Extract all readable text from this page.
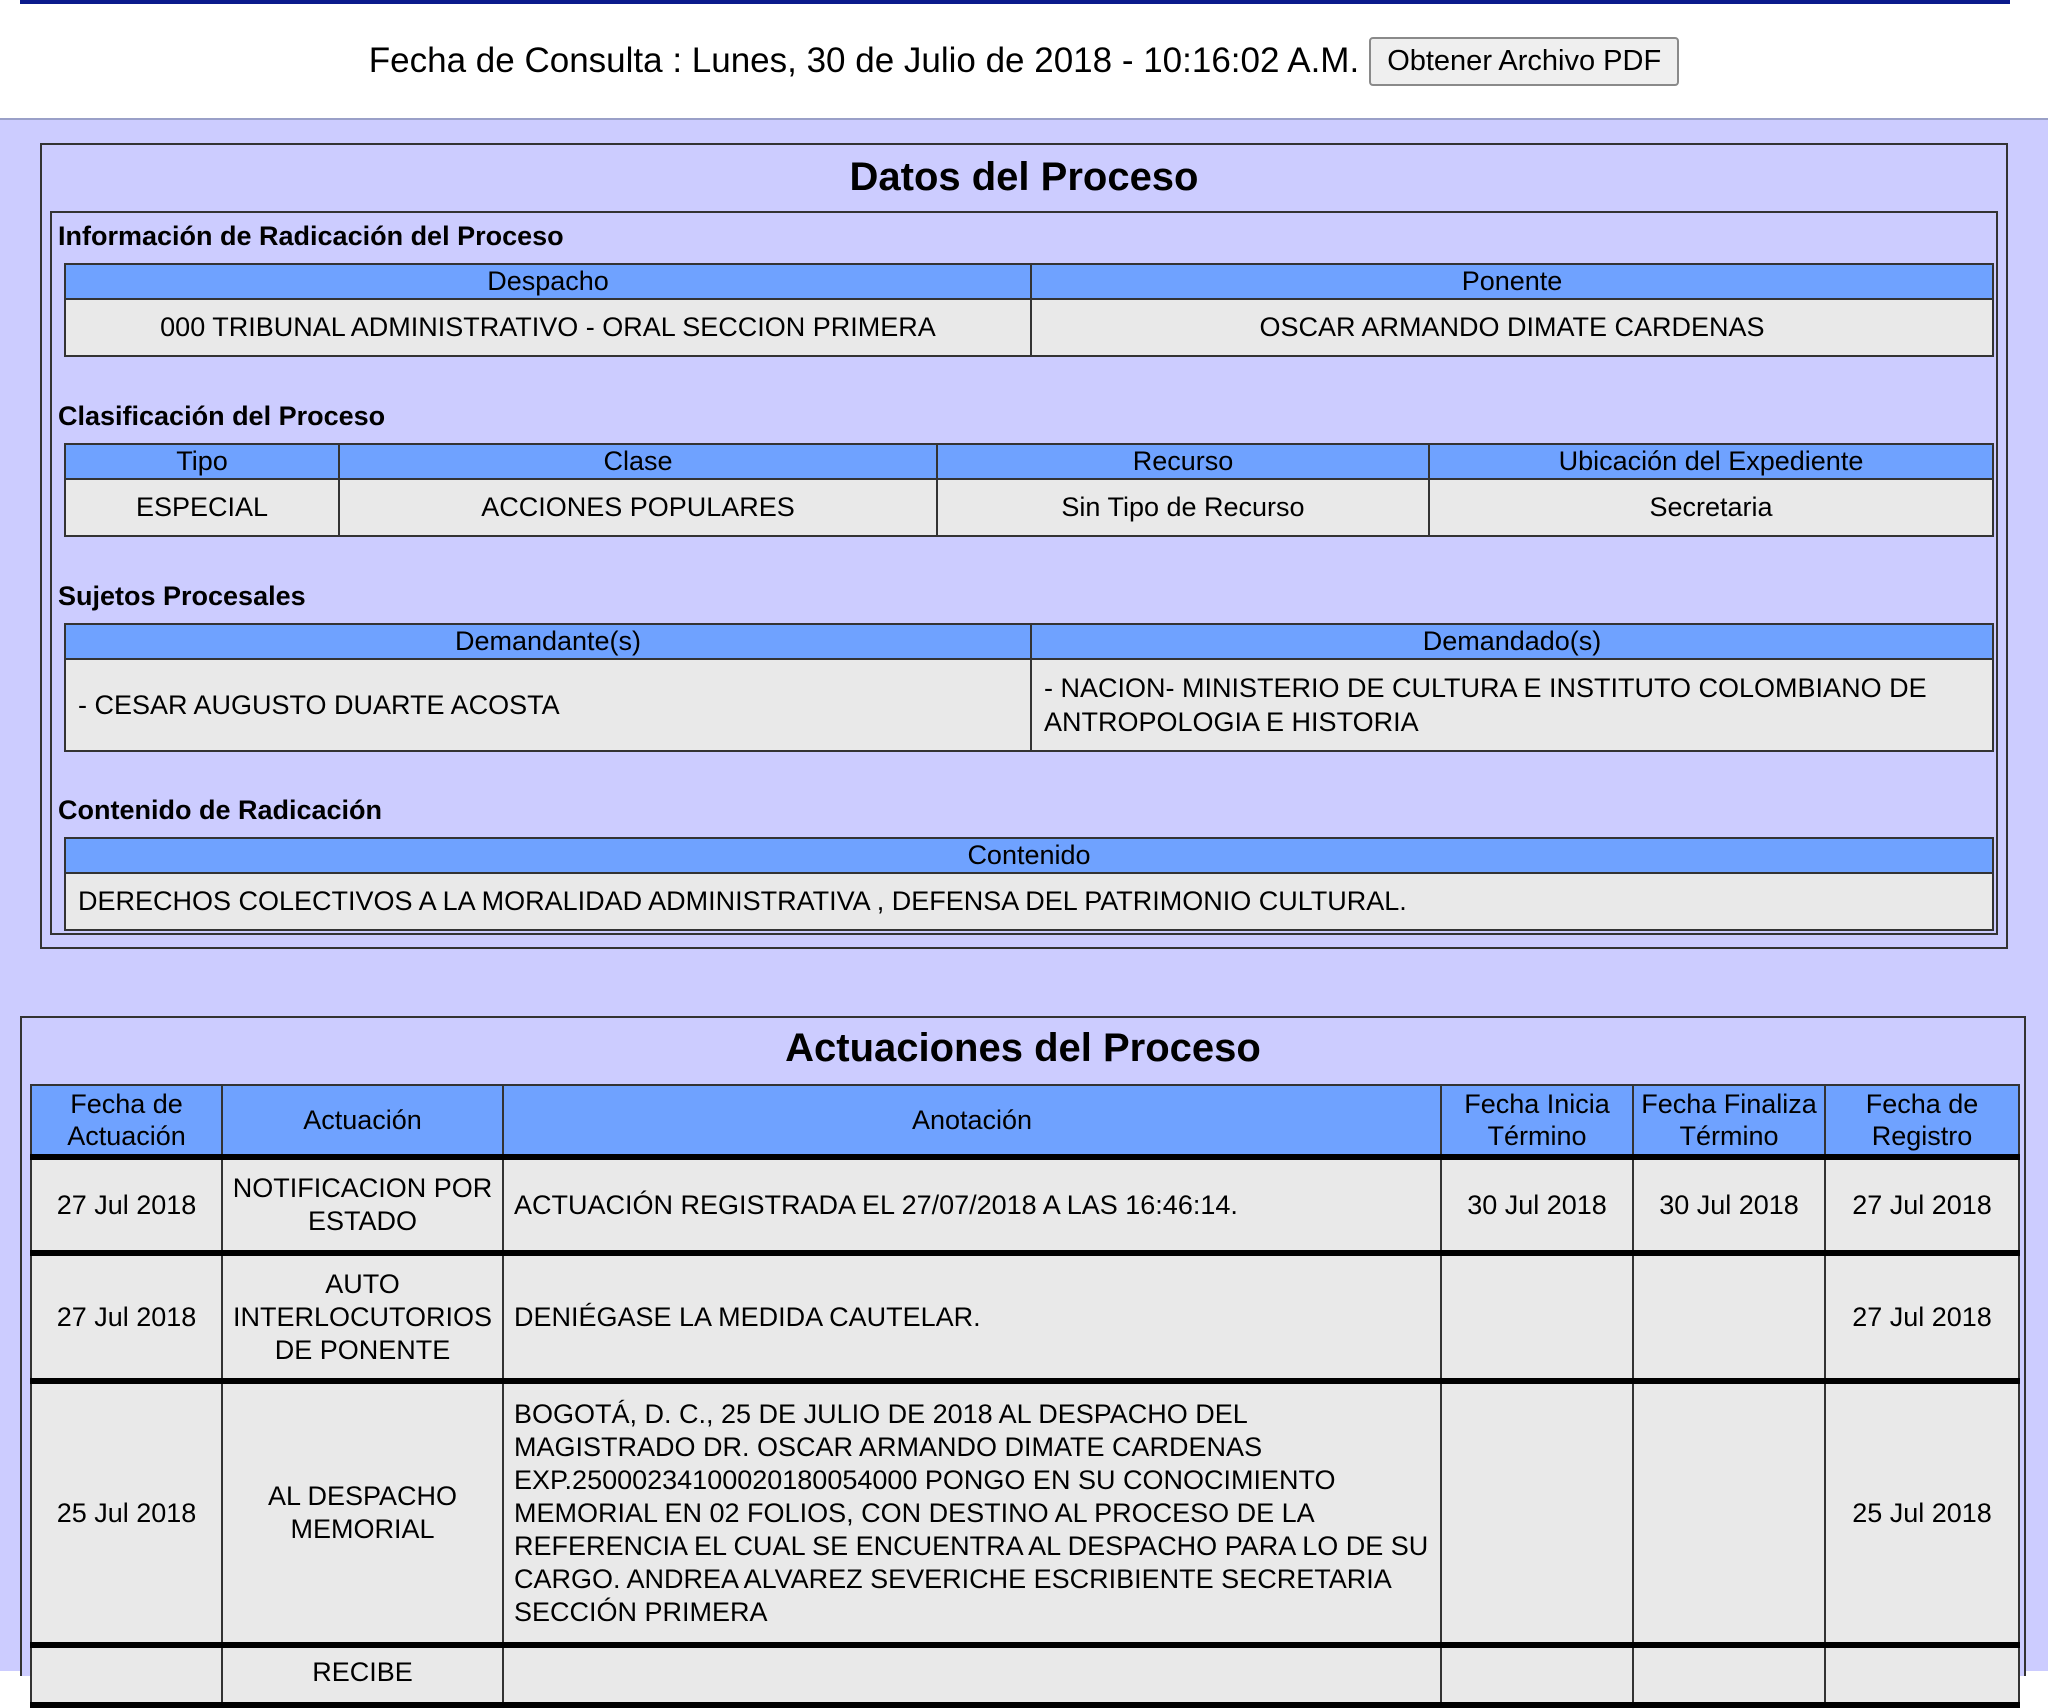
Fecha de Consulta : Lunes, 30 de Julio de 2018 - 10:16:02 A.M. Obtener Archivo PDF
Datos del Proceso
Información de Radicación del Proceso
Despacho	Ponente
000 TRIBUNAL ADMINISTRATIVO - ORAL SECCION PRIMERA	OSCAR ARMANDO DIMATE CARDENAS
Clasificación del Proceso
Tipo	Clase	Recurso	Ubicación del Expediente
ESPECIAL	ACCIONES POPULARES	Sin Tipo de Recurso	Secretaria
Sujetos Procesales
Demandante(s)	Demandado(s)
- CESAR AUGUSTO DUARTE ACOSTA	- NACION- MINISTERIO DE CULTURA E INSTITUTO COLOMBIANO DE ANTROPOLOGIA E HISTORIA
Contenido de Radicación
Contenido
DERECHOS COLECTIVOS A LA MORALIDAD ADMINISTRATIVA , DEFENSA DEL PATRIMONIO CULTURAL.
Actuaciones del Proceso
Fecha de Actuación	Actuación	Anotación	Fecha Inicia Término	Fecha Finaliza Término	Fecha de Registro
27 Jul 2018	NOTIFICACION POR ESTADO	ACTUACIÓN REGISTRADA EL 27/07/2018 A LAS 16:46:14.	30 Jul 2018	30 Jul 2018	27 Jul 2018
27 Jul 2018	AUTO INTERLOCUTORIOS DE PONENTE	DENIÉGASE LA MEDIDA CAUTELAR.			27 Jul 2018
25 Jul 2018	AL DESPACHO MEMORIAL	BOGOTÁ, D. C., 25 DE JULIO DE 2018 AL DESPACHO DEL MAGISTRADO DR. OSCAR ARMANDO DIMATE CARDENAS EXP.25000234100020180054000 PONGO EN SU CONOCIMIENTO MEMORIAL EN 02 FOLIOS, CON DESTINO AL PROCESO DE LA REFERENCIA EL CUAL SE ENCUENTRA AL DESPACHO PARA LO DE SU CARGO. ANDREA ALVAREZ SEVERICHE ESCRIBIENTE SECRETARIA SECCIÓN PRIMERA			25 Jul 2018
	RECIBE				
